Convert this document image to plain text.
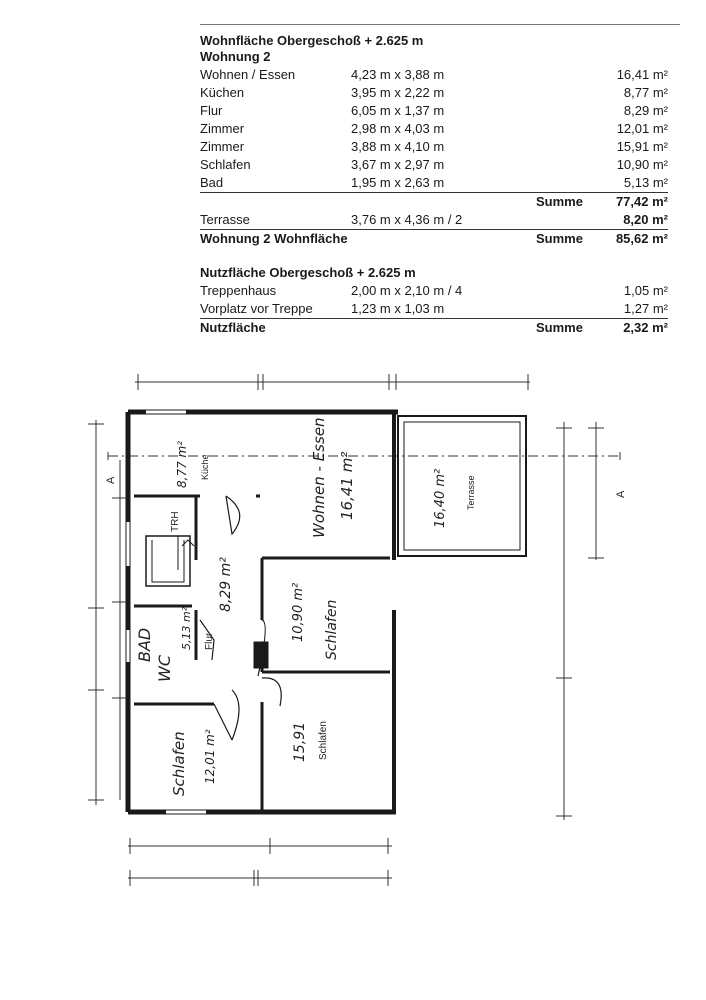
Wohnfläche Obergeschoß + 2.625 m
Wohnung 2
Wohnen / Essen	4,23 m x 3,88 m	16,41 m²
Küchen	3,95 m x 2,22 m	8,77 m²
Flur	6,05 m x 1,37 m	8,29 m²
Zimmer	2,98 m x 4,03 m	12,01 m²
Zimmer	3,88 m x 4,10 m	15,91 m²
Schlafen	3,67 m x 2,97 m	10,90 m²
Bad	1,95 m x 2,63 m	5,13 m²
Summe	77,42 m²
Terrasse	3,76 m x 4,36 m / 2	8,20 m²
Wohnung 2 Wohnfläche	Summe	85,62 m²
Nutzfläche Obergeschoß + 2.625 m
Treppenhaus	2,00 m x 2,10 m / 4	1,05 m²
Vorplatz vor Treppe	1,23 m x 1,03 m	1,27 m²
Nutzfläche	Summe	2,32 m²
A
A
8,77 m² Küche	Wohnen - Essen 16,41 m²	16,40 m² Terrasse
TRH
8,29 m²
Flur	10,90 m² Schlafen
BAD
WC
5,13 m²
Schlafen 12,01 m²	15,91 Schlafen
